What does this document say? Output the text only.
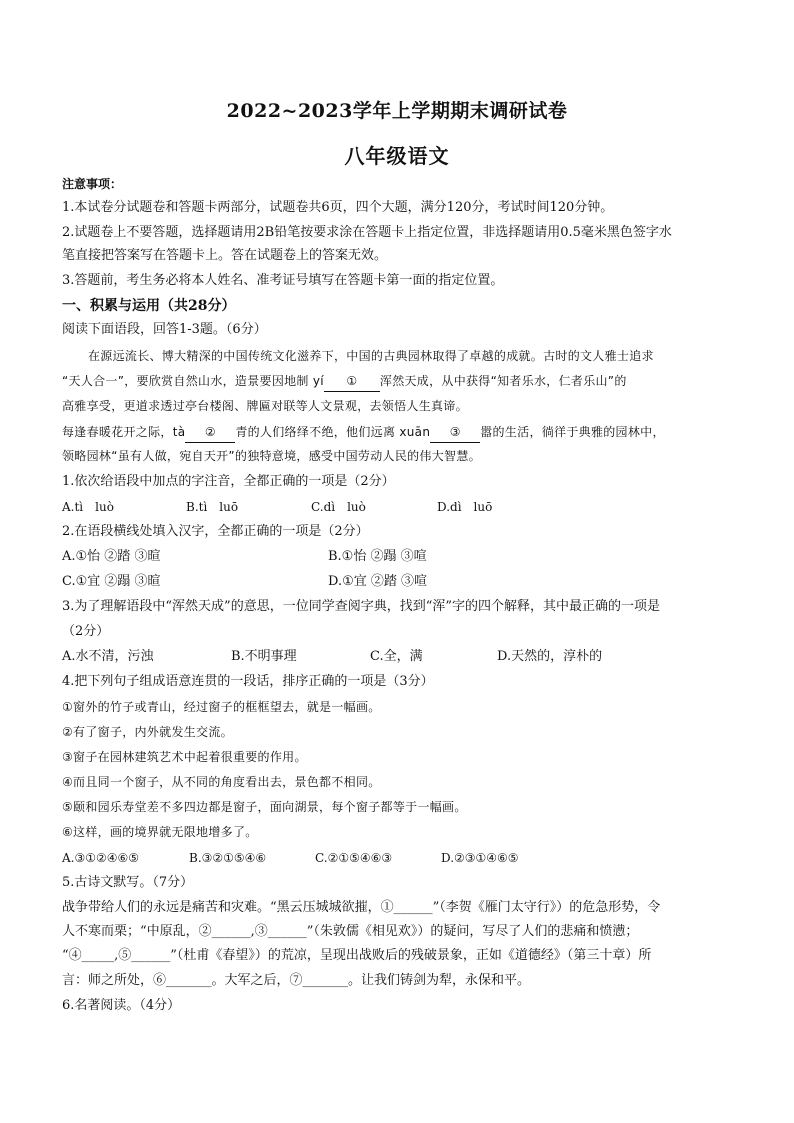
2022~2023学年上学期期末调研试卷
八年级语文
注意事项：
1.本试卷分试题卷和答题卡两部分，试题卷共6页，四个大题，满分120分，考试时间120分钟。
2.试题卷上不要答题，选择题请用2B铅笔按要求涂在答题卡上指定位置，非选择题请用0.5毫米黑色签字水
笔直接把答案写在答题卡上。答在试题卷上的答案无效。
3.答题前，考生务必将本人姓名、准考证号填写在答题卡第一面的指定位置。
一、积累与运用（共28分）
阅读下面语段，回答1-3题。（6分）
在源远流长、博大精深的中国传统文化滋养下，中国的古典园林取得了卓越的成就。古时的文人雅士追求
“天人合一”，要欣赏自然山水，造景要因地制 yí ① 浑然天成，从中获得“知者乐水，仁者乐山”的
高雅享受，更道求透过亭台楼阁、牌匾对联等人文景观，去领悟人生真谛。
每逢春暖花开之际，tà ② 青的人们络绎不绝，他们远离 xuān ③ 嚣的生活，徜徉于典雅的园林中，
领略园林“虽有人做，宛自天开”的独特意境，感受中国劳动人民的伟大智慧。
1.依次给语段中加点的字注音，全都正确的一项是（2分）
A.tì　luò	B.tì　luō	C.dì　luò	D.dì　luō
2.在语段横线处填入汉字，全都正确的一项是（2分）
A.①怡 ②踏 ③暄	B.①怡 ②蹋 ③喧
C.①宜 ②蹋 ③暄	D.①宜 ②踏 ③喧
3.为了理解语段中“浑然天成”的意思，一位同学查阅字典，找到“浑”字的四个解释，其中最正确的一项是
（2分）
A.水不清，污浊	B.不明事理	C.全，满	D.天然的，淳朴的
4.把下列句子组成语意连贯的一段话，排序正确的一项是（3分）
①窗外的竹子或青山，经过窗子的框框望去，就是一幅画。
②有了窗子，内外就发生交流。
③窗子在园林建筑艺术中起着很重要的作用。
④而且同一个窗子，从不同的角度看出去，景色都不相同。
⑤颐和园乐寿堂差不多四边都是窗子，面向湖景，每个窗子都等于一幅画。
⑥这样，画的境界就无限地增多了。
A.③①②④⑥⑤	B.③②①⑤④⑥	C.②①⑤④⑥③	D.②③①④⑥⑤
5.古诗文默写。（7分）
战争带给人们的永远是痛苦和灾难。“黑云压城城欲摧，①______”（李贺《雁门太守行》）的危急形势，令
人不寒而栗；“中原乱，②______,③______”（朱敦儒《相见欢》）的疑问，写尽了人们的悲痛和愤懑；
“④_____,⑤______”（杜甫《春望》）的荒凉，呈现出战败后的残破景象，正如《道德经》（第三十章）所
言：师之所处，⑥_______。大军之后，⑦_______。让我们铸剑为犁，永保和平。
6.名著阅读。（4分）
